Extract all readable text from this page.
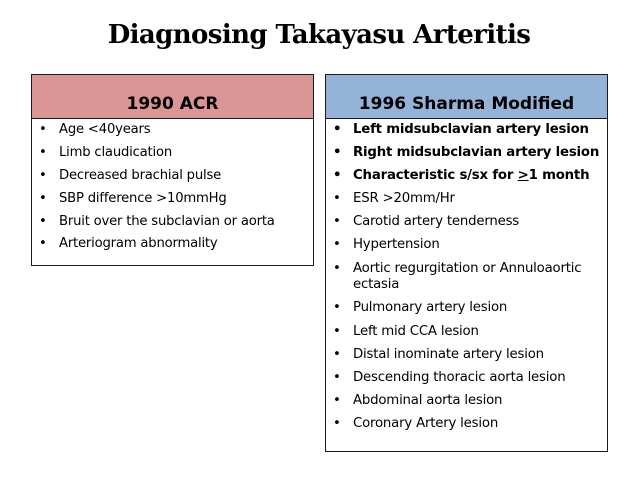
Diagnosing Takayasu Arteritis
1990 ACR
• Age <40years
• Limb claudication
• Decreased brachial pulse
• SBP difference >10mmHg
• Bruit over the subclavian or aorta
• Arteriogram abnormality
1996 Sharma Modified
• Left midsubclavian artery lesion
• Right midsubclavian artery lesion
• Characteristic s/sx for >1 month
• ESR >20mm/Hr
• Carotid artery tenderness
• Hypertension
• Aortic regurgitation or Annuloaortic ectasia
• Pulmonary artery lesion
• Left mid CCA lesion
• Distal inominate artery lesion
• Descending thoracic aorta lesion
• Abdominal aorta lesion
• Coronary Artery lesion
